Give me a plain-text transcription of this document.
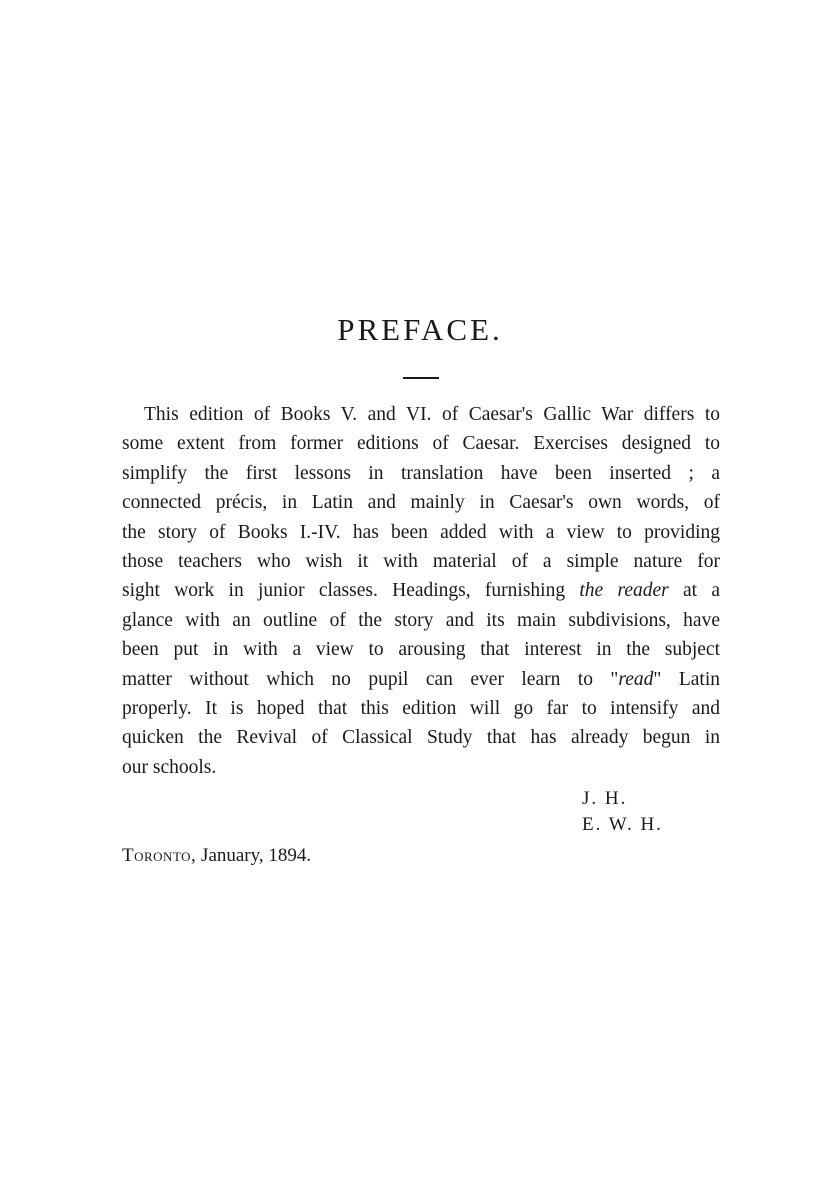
PREFACE.
This edition of Books V. and VI. of Caesar's Gallic War differs to
some extent from former editions of Caesar. Exercises designed to
simplify the first lessons in translation have been inserted ; a
connected précis, in Latin and mainly in Caesar's own words, of
the story of Books I.-IV. has been added with a view to providing
those teachers who wish it with material of a simple nature for
sight work in junior classes. Headings, furnishing the reader at a
glance with an outline of the story and its main subdivisions, have
been put in with a view to arousing that interest in the subject
matter without which no pupil can ever learn to "read" Latin
properly. It is hoped that this edition will go far to intensify and
quicken the Revival of Classical Study that has already begun in
our schools.
J. H.
E. W. H.
Toronto, January, 1894.
